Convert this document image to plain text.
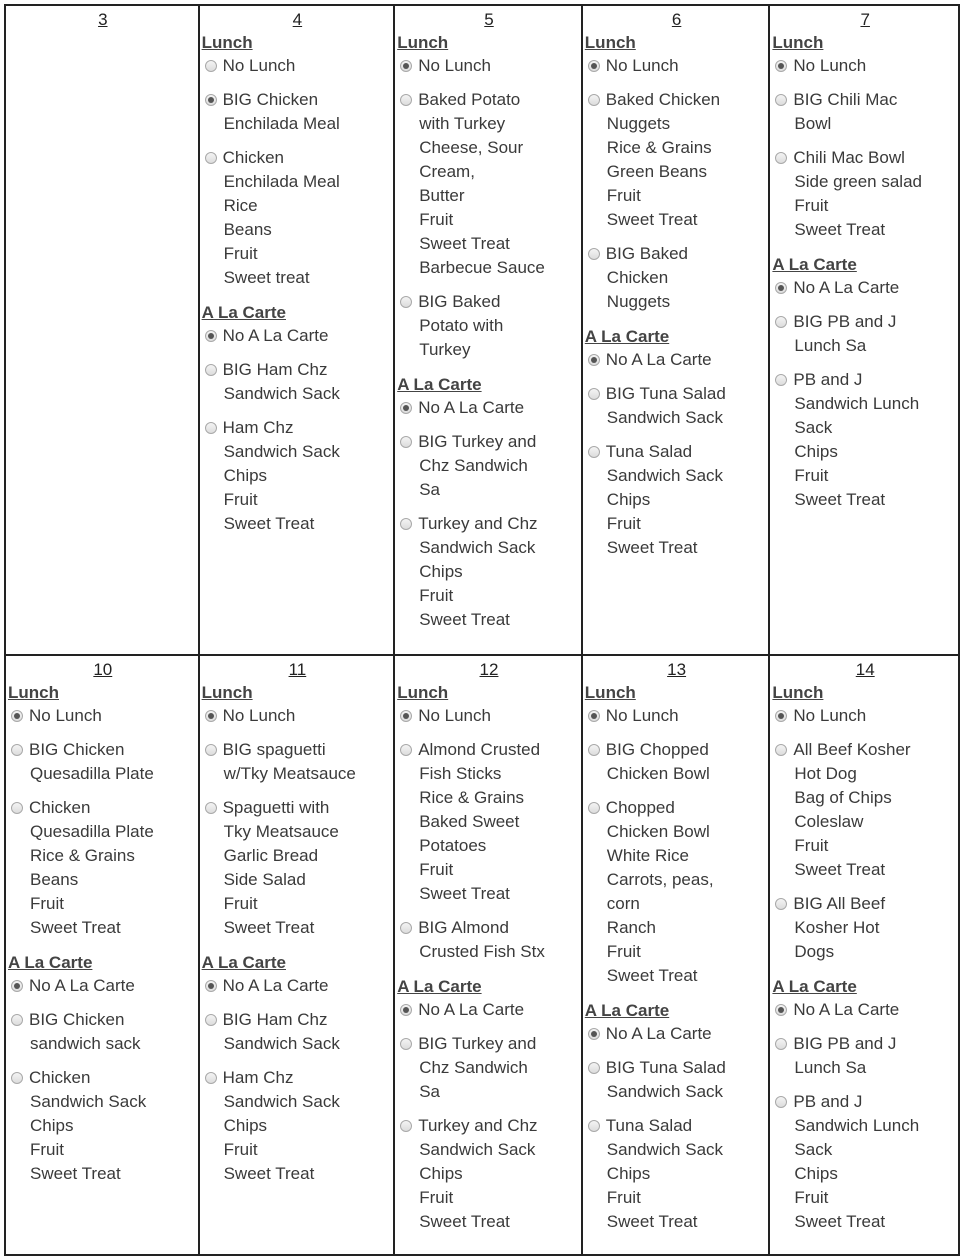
3	4
Lunch
No Lunch
BIG Chicken
Enchilada Meal
Chicken
Enchilada Meal
Rice
Beans
Fruit
Sweet treat
A La Carte
No A La Carte
BIG Ham Chz
Sandwich Sack
Ham Chz
Sandwich Sack
Chips
Fruit
Sweet Treat
5
Lunch
No Lunch
Baked Potato
with Turkey
Cheese, Sour
Cream,
Butter
Fruit
Sweet Treat
Barbecue Sauce
BIG Baked
Potato with
Turkey
A La Carte
No A La Carte
BIG Turkey and
Chz Sandwich
Sa
Turkey and Chz
Sandwich Sack
Chips
Fruit
Sweet Treat
6
Lunch
No Lunch
Baked Chicken
Nuggets
Rice & Grains
Green Beans
Fruit
Sweet Treat
BIG Baked
Chicken
Nuggets
A La Carte
No A La Carte
BIG Tuna Salad
Sandwich Sack
Tuna Salad
Sandwich Sack
Chips
Fruit
Sweet Treat
7
Lunch
No Lunch
BIG Chili Mac
Bowl
Chili Mac Bowl
Side green salad
Fruit
Sweet Treat
A La Carte
No A La Carte
BIG PB and J
Lunch Sa
PB and J
Sandwich Lunch
Sack
Chips
Fruit
Sweet Treat
10
Lunch
No Lunch
BIG Chicken
Quesadilla Plate
Chicken
Quesadilla Plate
Rice & Grains
Beans
Fruit
Sweet Treat
A La Carte
No A La Carte
BIG Chicken
sandwich sack
Chicken
Sandwich Sack
Chips
Fruit
Sweet Treat
11
Lunch
No Lunch
BIG spaguetti
w/Tky Meatsauce
Spaguetti with
Tky Meatsauce
Garlic Bread
Side Salad
Fruit
Sweet Treat
A La Carte
No A La Carte
BIG Ham Chz
Sandwich Sack
Ham Chz
Sandwich Sack
Chips
Fruit
Sweet Treat
12
Lunch
No Lunch
Almond Crusted
Fish Sticks
Rice & Grains
Baked Sweet
Potatoes
Fruit
Sweet Treat
BIG Almond
Crusted Fish Stx
A La Carte
No A La Carte
BIG Turkey and
Chz Sandwich
Sa
Turkey and Chz
Sandwich Sack
Chips
Fruit
Sweet Treat
13
Lunch
No Lunch
BIG Chopped
Chicken Bowl
Chopped
Chicken Bowl
White Rice
Carrots, peas,
corn
Ranch
Fruit
Sweet Treat
A La Carte
No A La Carte
BIG Tuna Salad
Sandwich Sack
Tuna Salad
Sandwich Sack
Chips
Fruit
Sweet Treat
14
Lunch
No Lunch
All Beef Kosher
Hot Dog
Bag of Chips
Coleslaw
Fruit
Sweet Treat
BIG All Beef
Kosher Hot
Dogs
A La Carte
No A La Carte
BIG PB and J
Lunch Sa
PB and J
Sandwich Lunch
Sack
Chips
Fruit
Sweet Treat
